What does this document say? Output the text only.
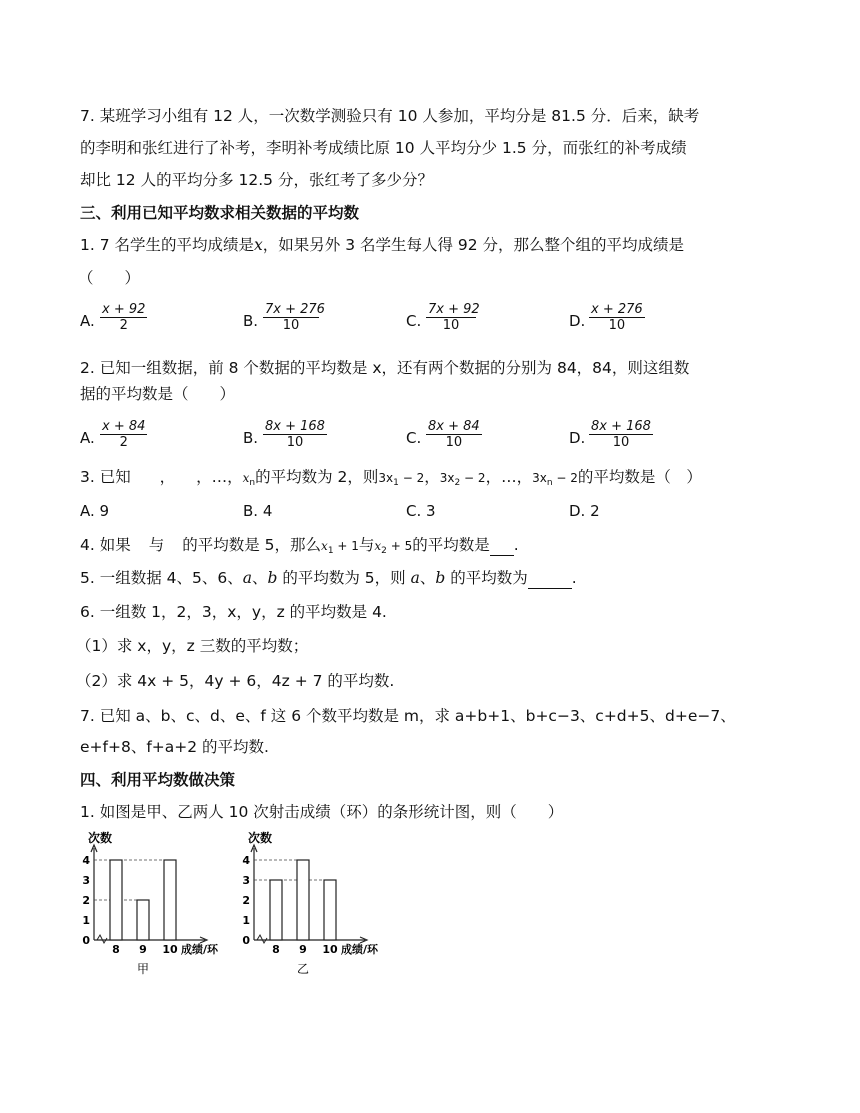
7. 某班学习小组有 12 人，一次数学测验只有 10 人参加，平均分是 81.5 分．后来，缺考
的李明和张红进行了补考，李明补考成绩比原 10 人平均分少 1.5 分，而张红的补考成绩
却比 12 人的平均分多 12.5 分，张红考了多少分？
三、利用已知平均数求相关数据的平均数
1. 7 名学生的平均成绩是x，如果另外 3 名学生每人得 92 分，那么整个组的平均成绩是
（　　）
A.
x + 92
2	B.
7x + 276
10	C.
7x + 92
10	D.
x + 276
10
2. 已知一组数据，前 8 个数据的平均数是 x，还有两个数据的分别为 84，84，则这组数
据的平均数是（　　）
A.
x + 84
2	B.
8x + 168
10	C.
8x + 84
10	D.
8x + 168
10
3. 已知 ， ，…，$x_n$的平均数为 2，则$3x_1 - 2$，$3x_2 - 2$，…，$3x_n - 2$的平均数是（　）
A. 9	B. 4	C. 3	D. 2
4. 如果 与 的平均数是 5，那么$x_1 + 1$与$x_2 + 5$的平均数是 .
5. 一组数据 4、5、6、a、b 的平均数为 5，则 a、b 的平均数为	.
6. 一组数 1，2，3，x，y，z 的平均数是 4.
（1）求 x，y，z 三数的平均数；
（2）求 4x + 5，4y + 6，4z + 7 的平均数.
7. 已知 a、b、c、d、e、f 这 6 个数平均数是 m，求 a+b+1、b+c−3、c+d+5、d+e−7、
e+f+8、f+a+2 的平均数.
四、利用平均数做决策
1. 如图是甲、乙两人 10 次射击成绩（环）的条形统计图，则（　　）
次数
0
1
2
3
4
8 9 10 成绩/环
甲
次数
0
1
2
3
4
8 9 10 成绩/环
乙
